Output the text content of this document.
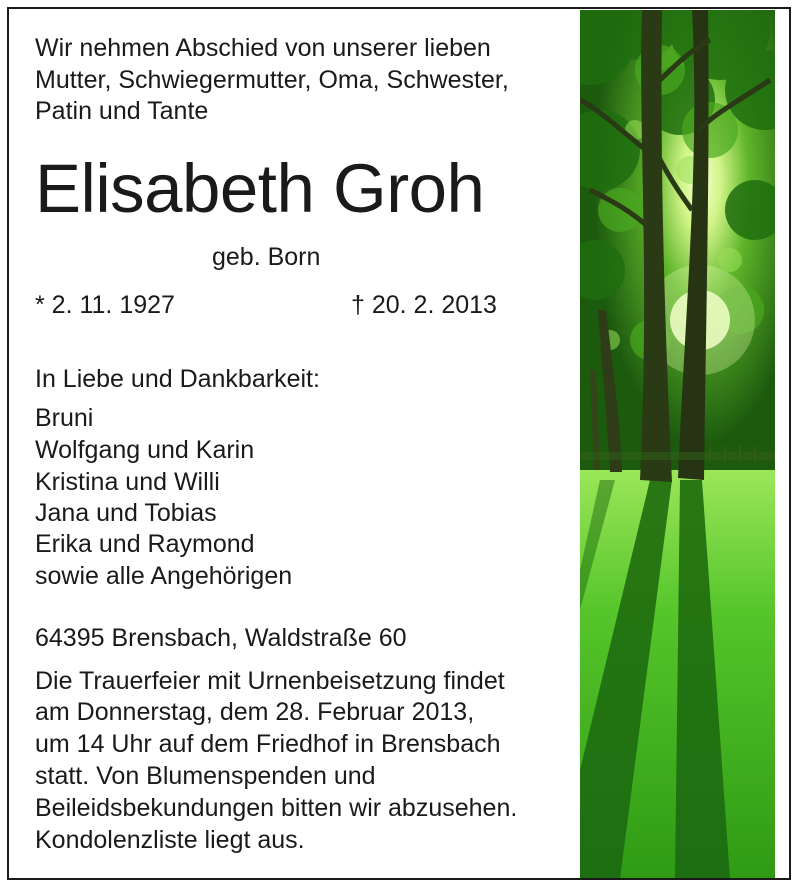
Wir nehmen Abschied von unserer lieben
Mutter, Schwiegermutter, Oma, Schwester,
Patin und Tante
Elisabeth Groh
geb. Born
* 2. 11. 1927	† 20. 2. 2013
In Liebe und Dankbarkeit:
Bruni
Wolfgang und Karin
Kristina und Willi
Jana und Tobias
Erika und Raymond
sowie alle Angehörigen
64395 Brensbach, Waldstraße 60
Die Trauerfeier mit Urnenbeisetzung findet
am Donnerstag, dem 28. Februar 2013,
um 14 Uhr auf dem Friedhof in Brensbach
statt. Von Blumenspenden und
Beileidsbekundungen bitten wir abzusehen.
Kondolenzliste liegt aus.
